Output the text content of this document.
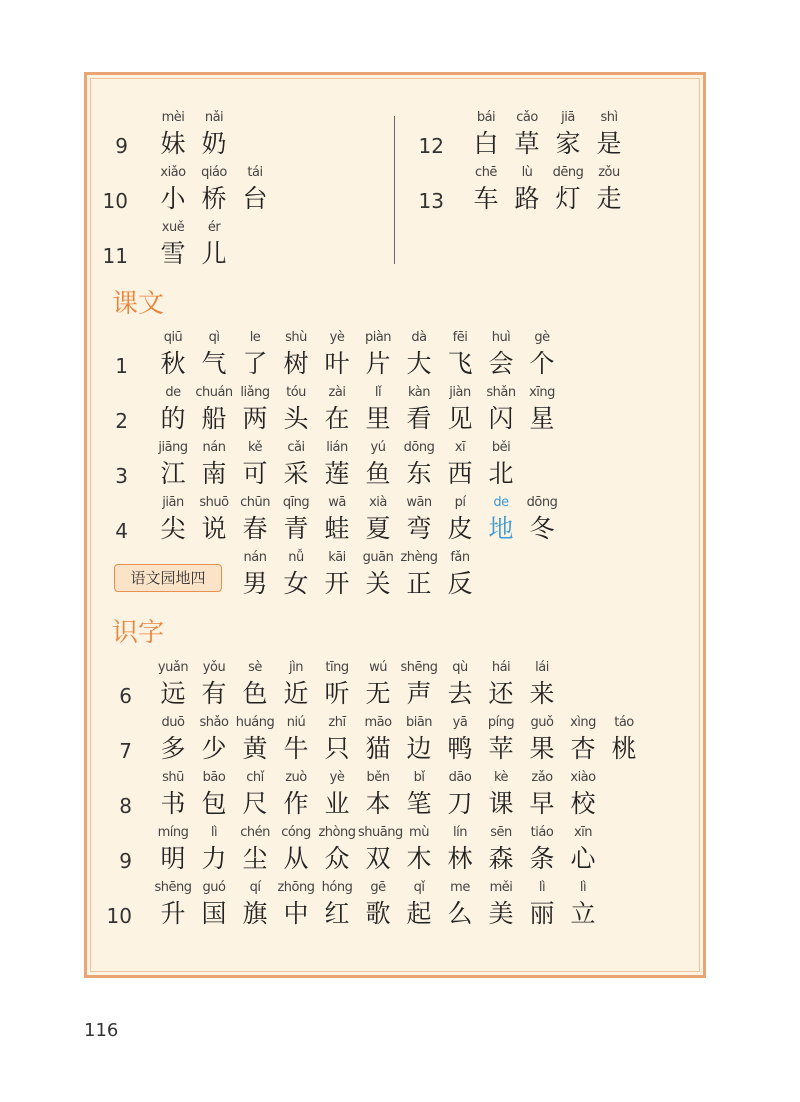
课文
识字
语文园地四
9
mèi
妹
nǎi
奶
10
xiǎo
小
qiáo
桥
tái
台
11
xuě
雪
ér
儿
12
bái
白
cǎo
草
jiā
家
shì
是
13
chē
车
lù
路
dēng
灯
zǒu
走
1
qiū
秋
qì
气
le
了
shù
树
yè
叶
piàn
片
dà
大
fēi
飞
huì
会
gè
个
2
de
的
chuán
船
liǎng
两
tóu
头
zài
在
lǐ
里
kàn
看
jiàn
见
shǎn
闪
xīng
星
3
jiāng
江
nán
南
kě
可
cǎi
采
lián
莲
yú
鱼
dōng
东
xī
西
běi
北
4
jiān
尖
shuō
说
chūn
春
qīng
青
wā
蛙
xià
夏
wān
弯
pí
皮
de
地
dōng
冬
nán
男
nǚ
女
kāi
开
guān
关
zhèng
正
fǎn
反
6
yuǎn
远
yǒu
有
sè
色
jìn
近
tīng
听
wú
无
shēng
声
qù
去
hái
还
lái
来
7
duō
多
shǎo
少
huáng
黄
niú
牛
zhī
只
māo
猫
biān
边
yā
鸭
píng
苹
guǒ
果
xìng
杏
táo
桃
8
shū
书
bāo
包
chǐ
尺
zuò
作
yè
业
běn
本
bǐ
笔
dāo
刀
kè
课
zǎo
早
xiào
校
9
míng
明
lì
力
chén
尘
cóng
从
zhòng
众
shuāng
双
mù
木
lín
林
sēn
森
tiáo
条
xīn
心
10
shēng
升
guó
国
qí
旗
zhōng
中
hóng
红
gē
歌
qǐ
起
me
么
měi
美
lì
丽
lì
立
116
